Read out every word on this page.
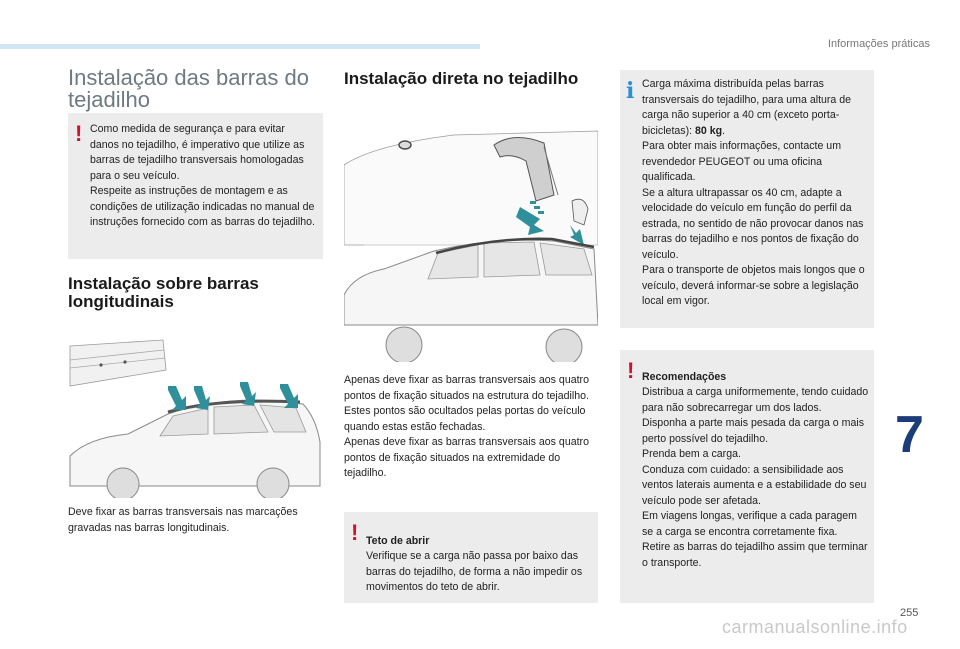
Informações práticas
Instalação das barras do tejadilho
! Como medida de segurança e para evitar danos no tejadilho, é imperativo que utilize as barras de tejadilho transversais homologadas para o seu veículo.
Respeite as instruções de montagem e as condições de utilização indicadas no manual de instruções fornecido com as barras do tejadilho.
Instalação sobre barras longitudinais
Deve fixar as barras transversais nas marcações gravadas nas barras longitudinais.
Instalação direta no tejadilho
Apenas deve fixar as barras transversais aos quatro pontos de fixação situados na estrutura do tejadilho. Estes pontos são ocultados pelas portas do veículo quando estas estão fechadas.
Apenas deve fixar as barras transversais aos quatro pontos de fixação situados na extremidade do tejadilho.
! Teto de abrir
Verifique se a carga não passa por baixo das barras do tejadilho, de forma a não impedir os movimentos do teto de abrir.

i Carga máxima distribuída pelas barras transversais do tejadilho, para uma altura de carga não superior a 40 cm (exceto porta-bicicletas): 80 kg.
Para obter mais informações, contacte um revendedor PEUGEOT ou uma oficina qualificada.
Se a altura ultrapassar os 40 cm, adapte a velocidade do veículo em função do perfil da estrada, no sentido de não provocar danos nas barras do tejadilho e nos pontos de fixação do veículo.
Para o transporte de objetos mais longos que o veículo, deverá informar-se sobre a legislação local em vigor.
! Recomendações
Distribua a carga uniformemente, tendo cuidado para não sobrecarregar um dos lados.
Disponha a parte mais pesada da carga o mais perto possível do tejadilho.
Prenda bem a carga.
Conduza com cuidado: a sensibilidade aos ventos laterais aumenta e a estabilidade do seu veículo pode ser afetada.
Em viagens longas, verifique a cada paragem se a carga se encontra corretamente fixa.
Retire as barras do tejadilho assim que terminar o transporte.

7
255
carmanualsonline.info
